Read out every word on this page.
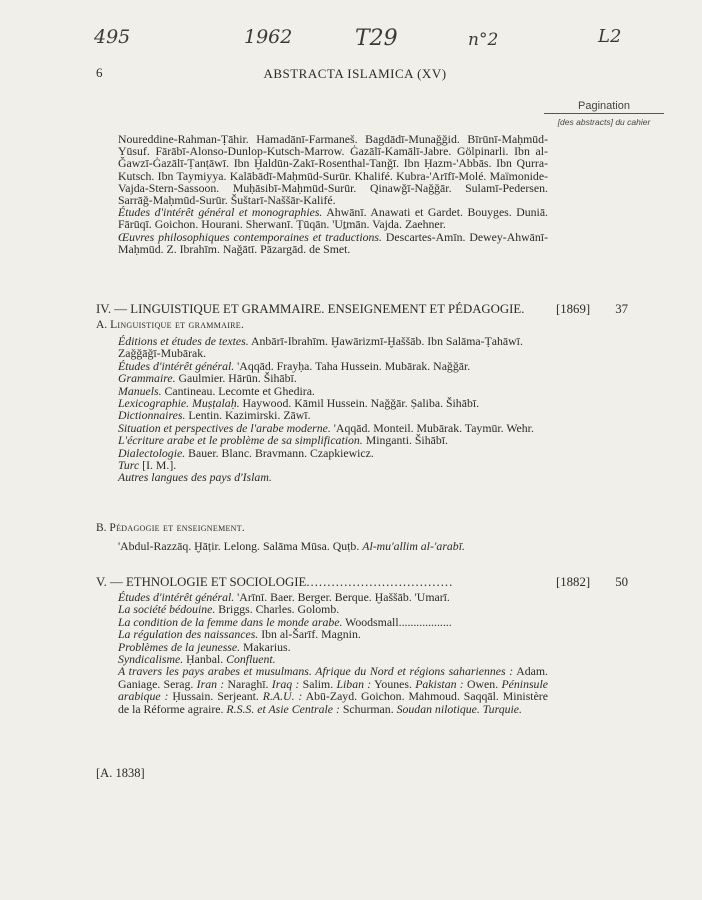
495	1962	T29	n°2	L2
6	ABSTRACTA ISLAMICA (XV)
Pagination
[des abstracts] du cahier

Noureddine-Rahman-Ṭāhir. Hamadānī-Farmaneš. Bagdādī-Munaǧǧid. Bīrūnī-Maḥmūd-Yūsuf. Fārābī-Alonso-Dunlop-Kutsch-Marrow. Ġazālī-Kamālī-Jabre. Gölpinarli. Ibn al-Ǧawzī-Ġazālī-Ṭanṭāwī. Ibn Ḫaldūn-Zakī-Rosenthal-Tanǧī. Ibn Ḥazm-'Abbās. Ibn Qurra-Kutsch. Ibn Taymiyya. Kalābādī-Maḥmūd-Surūr. Khalifé. Kubra-'Arīfī-Molé. Maïmonide-Vajda-Stern-Sassoon. Muḥāsibī-Maḥmūd-Surūr. Qinawǧī-Naǧǧār. Sulamī-Pedersen. Sarrāǧ-Maḥmūd-Surūr. Šuštarī-Naššār-Kalifé.

Études d'intérêt général et monographies. Ahwānī. Anawati et Gardet. Bouyges. Duniā. Fārūqī. Goichon. Hourani. Sherwanī. Ṭūqān. 'Uṯmān. Vajda. Zaehner.

Œuvres philosophiques contemporaines et traductions. Descartes-Amīn. Dewey-Ahwānī-Maḥmūd. Z. Ibrahīm. Naǧātī. Pāzargād. de Smet.

IV. — LINGUISTIQUE ET GRAMMAIRE. ENSEIGNEMENT ET PÉDAGOGIE. [1869] 37
A. Linguistique et grammaire.
Éditions et études de textes. Anbārī-Ibrahīm. Ḫawārizmī-Ḫaššāb. Ibn Salāma-Ṭahāwī. Zaǧǧāǧī-Mubārak.
Études d'intérêt général. 'Aqqād. Frayḥa. Taha Hussein. Mubārak. Naǧǧār.
Grammaire. Gaulmier. Hārūn. Šihābī.
Manuels. Cantineau. Lecomte et Ghedira.
Lexicographie. Muṣṭalaḥ. Haywood. Kāmil Hussein. Naǧǧār. Ṣaliba. Šihābī.
Dictionnaires. Lentin. Kazimirski. Zāwī.
Situation et perspectives de l'arabe moderne. 'Aqqād. Monteil. Mubārak. Taymūr. Wehr.
L'écriture arabe et le problème de sa simplification. Minganti. Šihābī.
Dialectologie. Bauer. Blanc. Bravmann. Czapkiewicz.
Turc [I. M.].
Autres langues des pays d'Islam.
B. Pédagogie et enseignement.
'Abdul-Razzāq. Ḫāṭir. Lelong. Salāma Mūsa. Quṭb. Al-mu'allim al-'arabī.
V. — ETHNOLOGIE ET SOCIOLOGIE...................................	[1882] 50
Études d'intérêt général. 'Arīnī. Baer. Berger. Berque. Ḫaššāb. 'Umarī.
La société bédouine. Briggs. Charles. Golomb.
La condition de la femme dans le monde arabe. Woodsmall..................
La régulation des naissances. Ibn al-Šarīf. Magnin.
Problèmes de la jeunesse. Makarius.
Syndicalisme. Ḥanbal. Confluent.
A travers les pays arabes et musulmans. Afrique du Nord et régions sahariennes : Adam. Ganiage. Serag. Iran : Naraghī. Iraq : Salim. Liban : Younes. Pakistan : Owen. Péninsule arabique : Ḥussain. Serjeant. R.A.U. : Abū-Zayd. Goichon. Mahmoud. Saqqāl. Ministère de la Réforme agraire. R.S.S. et Asie Centrale : Schurman. Soudan nilotique. Turquie.
[A. 1838]
